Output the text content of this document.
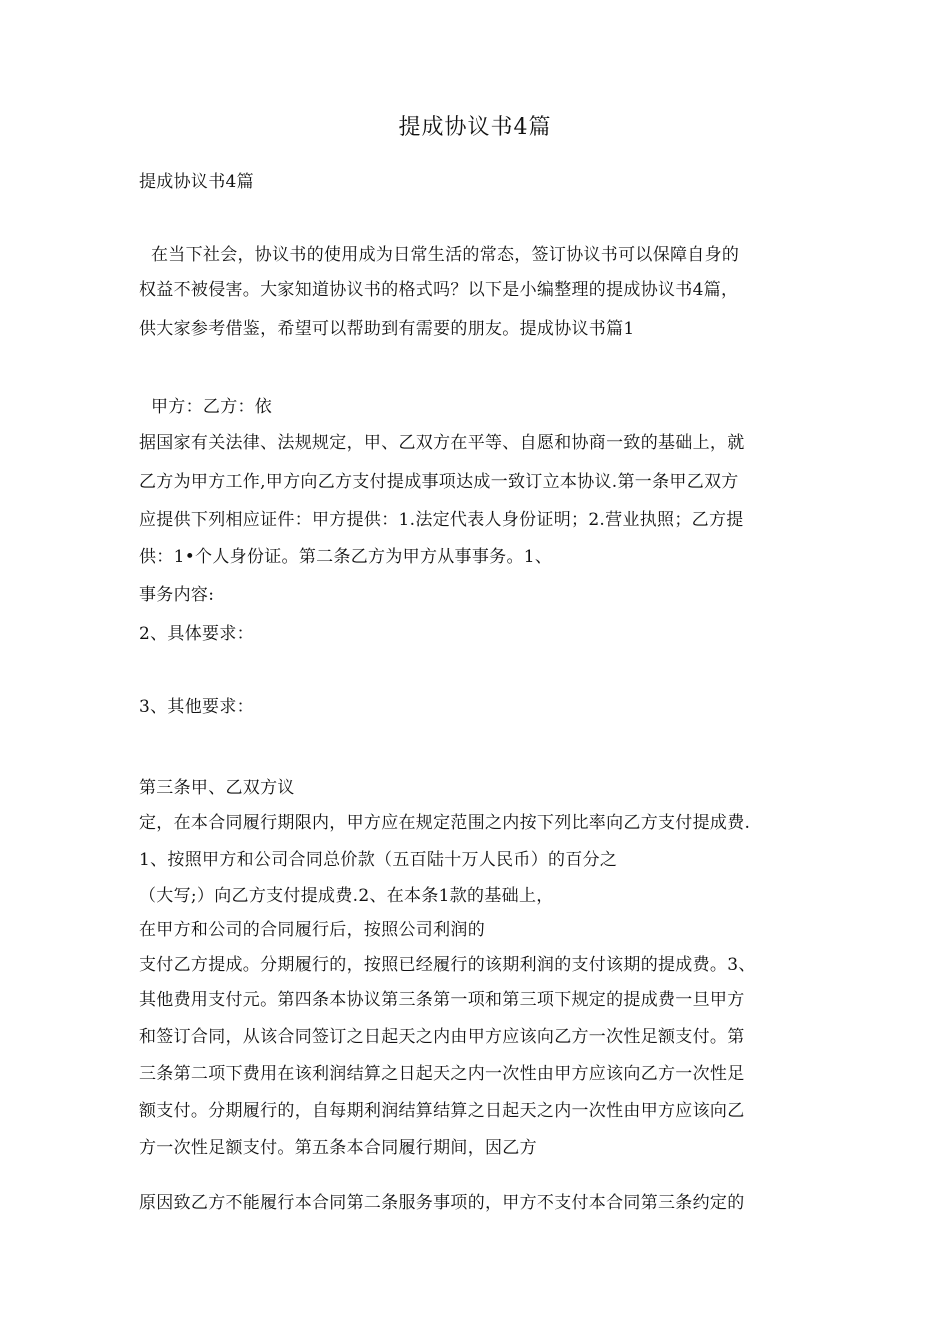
提成协议书4篇
提成协议书4篇
在当下社会，协议书的使用成为日常生活的常态，签订协议书可以保障自身的
权益不被侵害。大家知道协议书的格式吗？以下是小编整理的提成协议书4篇，
供大家参考借鉴，希望可以帮助到有需要的朋友。提成协议书篇1
甲方：乙方：依
据国家有关法律、法规规定，甲、乙双方在平等、自愿和协商一致的基础上，就
乙方为甲方工作,甲方向乙方支付提成事项达成一致订立本协议.第一条甲乙双方
应提供下列相应证件：甲方提供：1.法定代表人身份证明；2.营业执照；乙方提
供：1•个人身份证。第二条乙方为甲方从事事务。1、
事务内容:
2、具体要求：
3、其他要求：
第三条甲、乙双方议
定，在本合同履行期限内，甲方应在规定范围之内按下列比率向乙方支付提成费.
1、按照甲方和公司合同总价款（五百陆十万人民币）的百分之
（大写;）向乙方支付提成费.2、在本条1款的基础上，
在甲方和公司的合同履行后，按照公司利润的
支付乙方提成。分期履行的，按照已经履行的该期利润的支付该期的提成费。3、
其他费用支付元。第四条本协议第三条第一项和第三项下规定的提成费一旦甲方
和签订合同，从该合同签订之日起天之内由甲方应该向乙方一次性足额支付。第
三条第二项下费用在该利润结算之日起天之内一次性由甲方应该向乙方一次性足
额支付。分期履行的，自每期利润结算结算之日起天之内一次性由甲方应该向乙
方一次性足额支付。第五条本合同履行期间，因乙方
原因致乙方不能履行本合同第二条服务事项的，甲方不支付本合同第三条约定的
